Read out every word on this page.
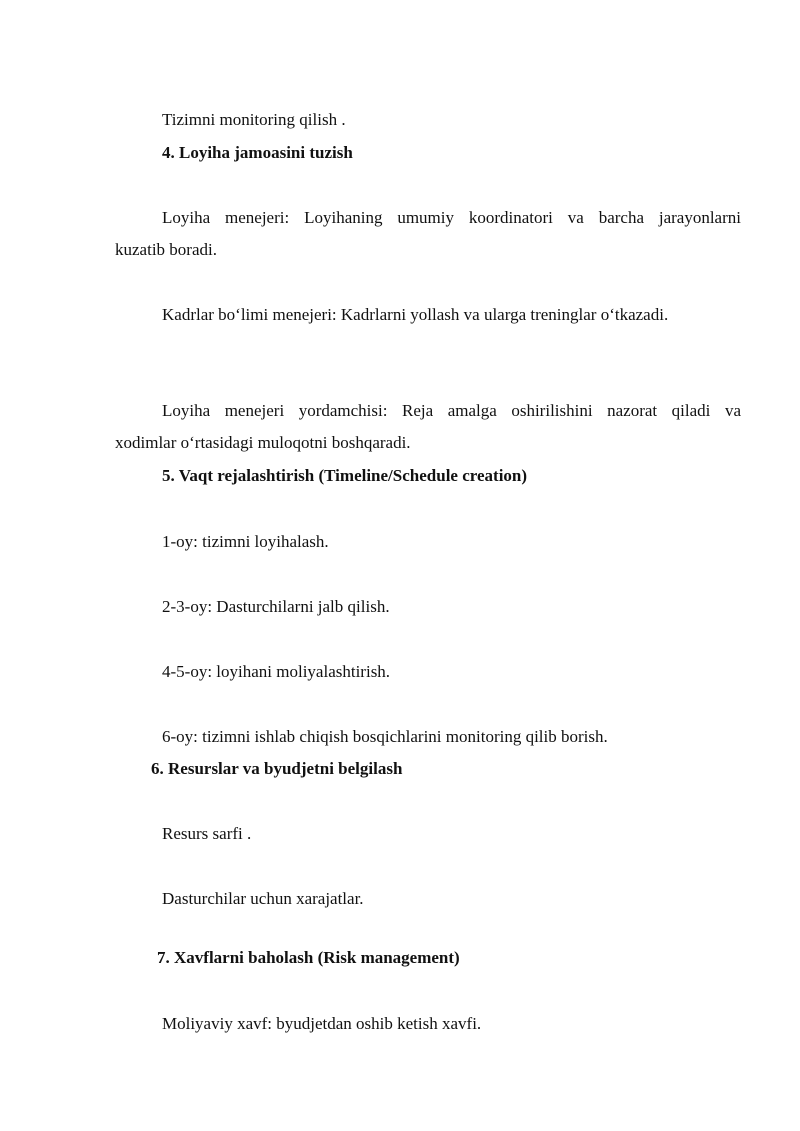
Tizimni monitoring qilish .
4. Loyiha jamoasini tuzish
Loyiha menejeri: Loyihaning umumiy koordinatori va barcha jarayonlarni
kuzatib boradi.
Kadrlar bo‘limi menejeri: Kadrlarni yollash va ularga treninglar o‘tkazadi.
Loyiha menejeri yordamchisi: Reja amalga oshirilishini nazorat qiladi va
xodimlar o‘rtasidagi muloqotni boshqaradi.
5. Vaqt rejalashtirish (Timeline/Schedule creation)
1-oy: tizimni loyihalash.
2-3-oy: Dasturchilarni jalb qilish.
4-5-oy: loyihani moliyalashtirish.
6-oy: tizimni ishlab chiqish bosqichlarini monitoring qilib borish.
6. Resurslar va byudjetni belgilash
Resurs sarfi .
Dasturchilar uchun xarajatlar.
7. Xavflarni baholash (Risk management)
Moliyaviy xavf: byudjetdan oshib ketish xavfi.
